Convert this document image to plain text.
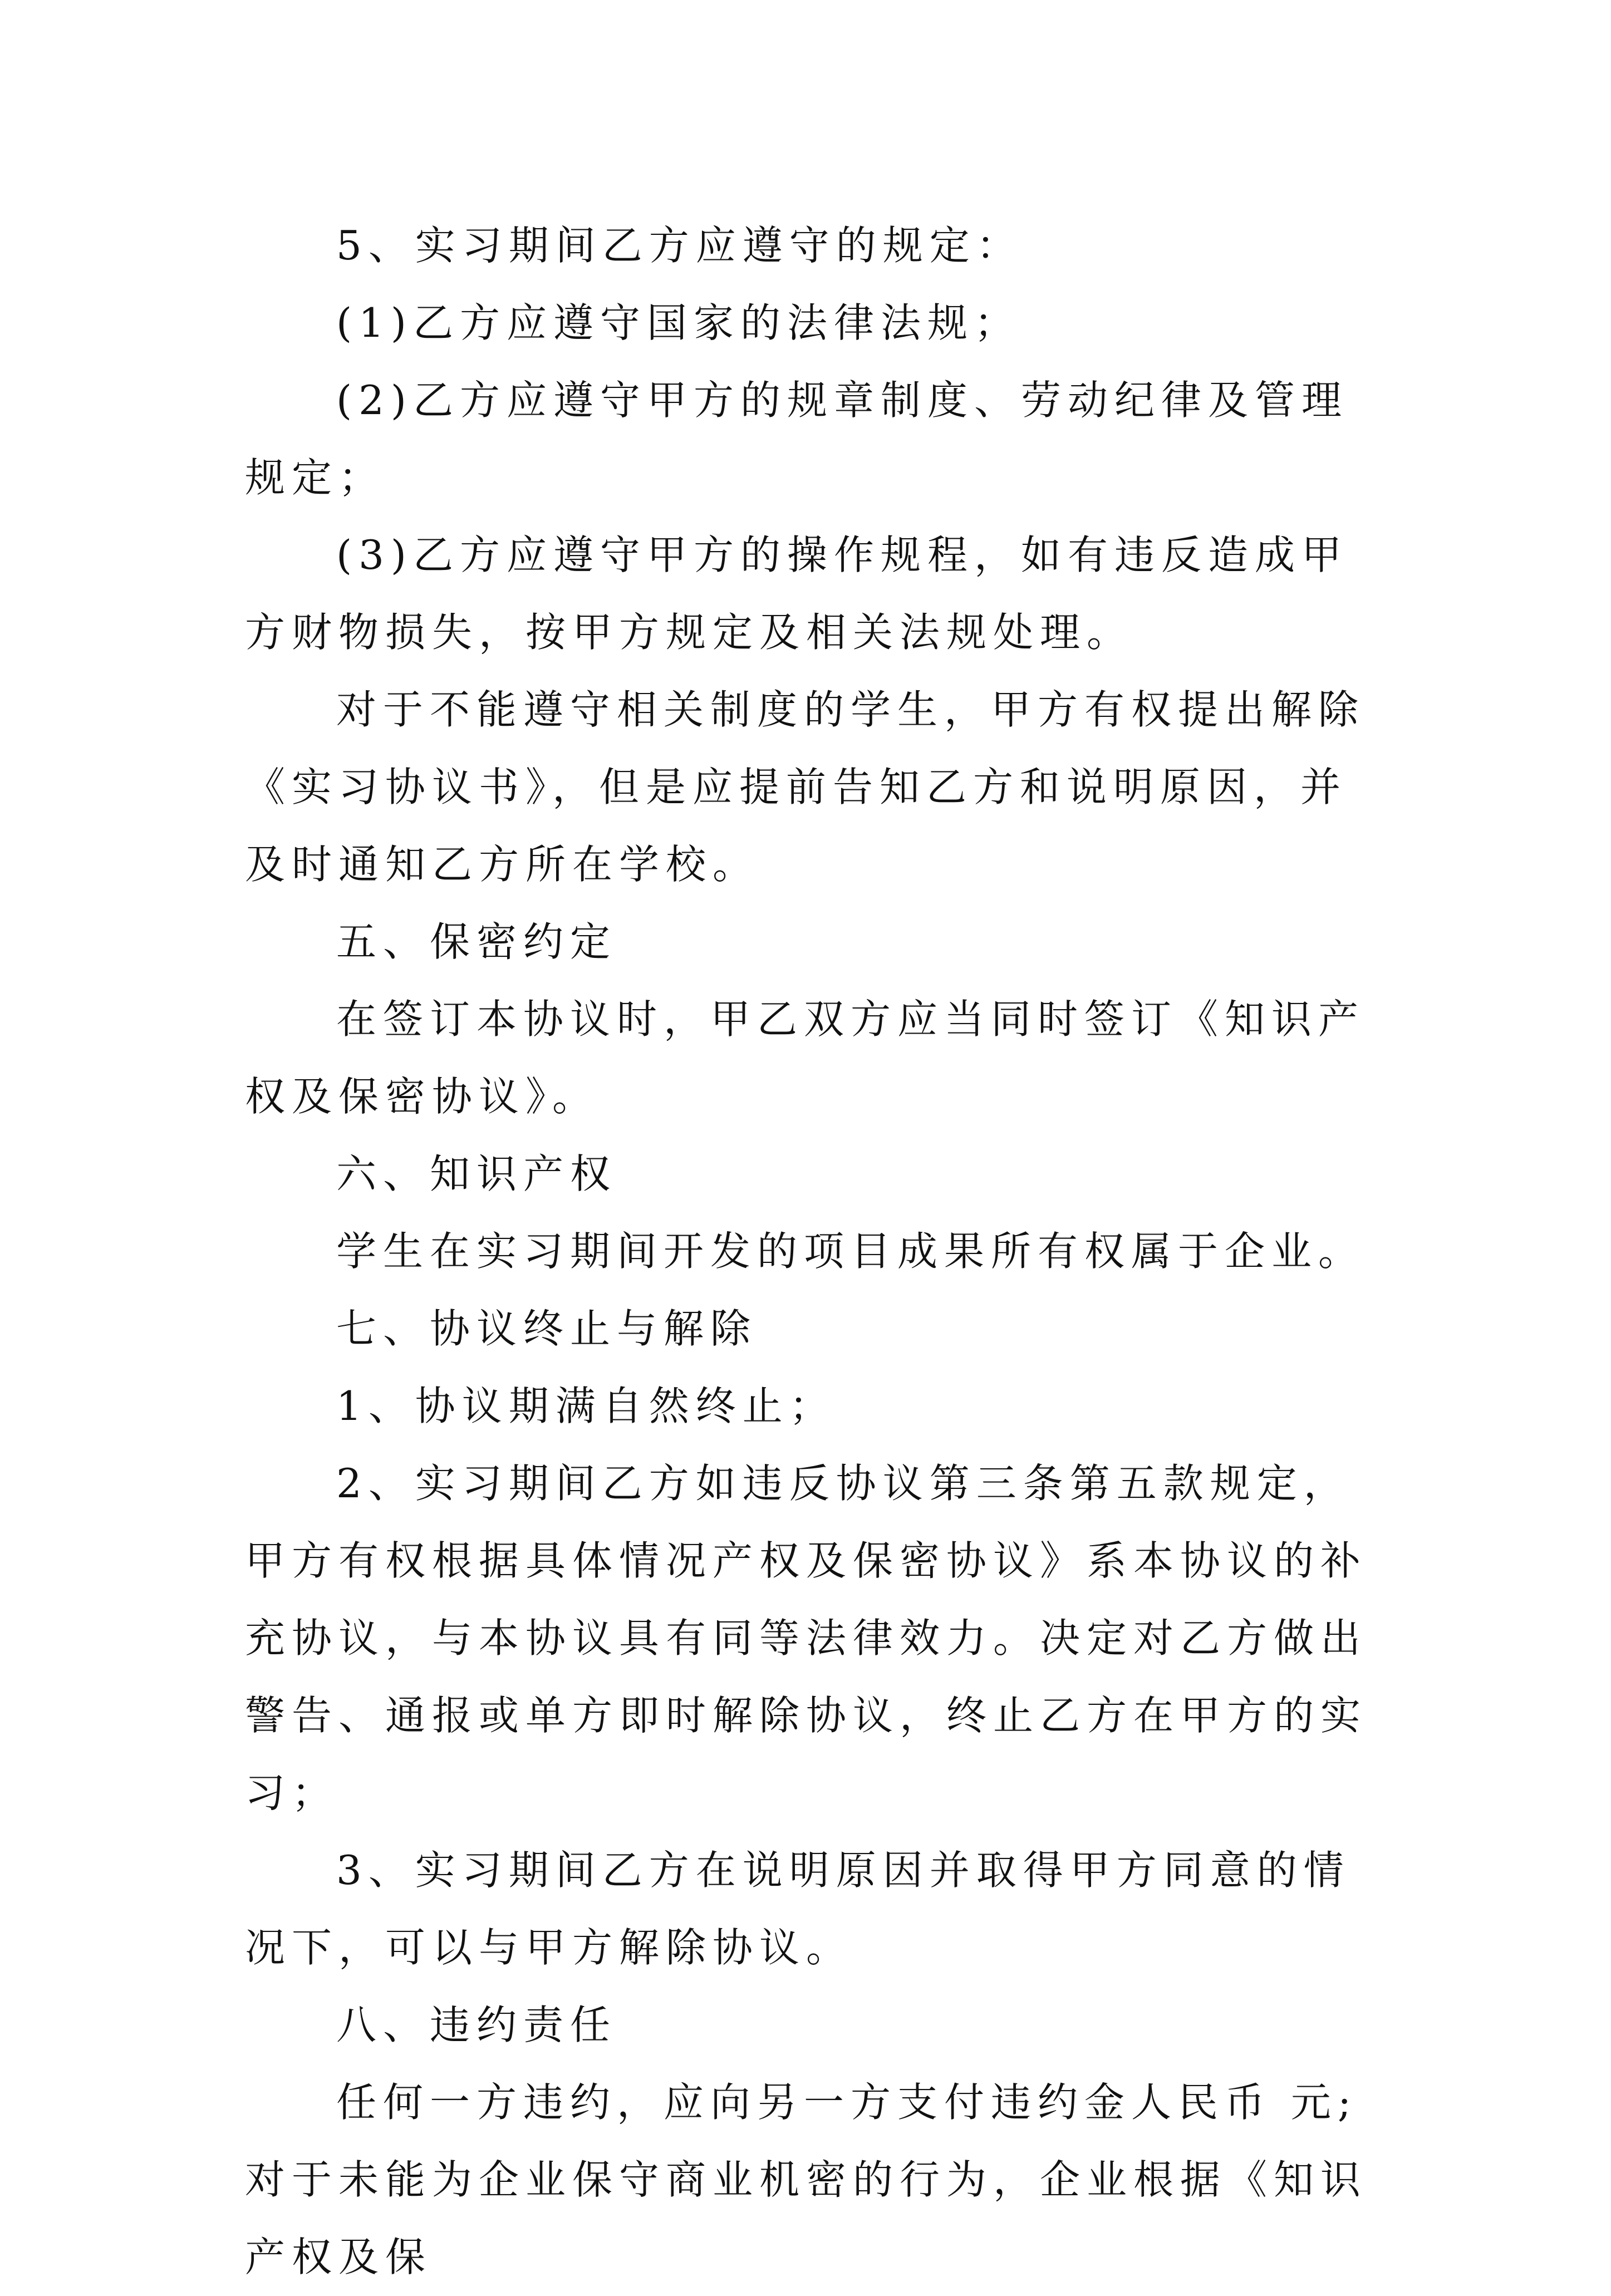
5、实习期间乙方应遵守的规定：

(1)乙方应遵守国家的法律法规；

(2)乙方应遵守甲方的规章制度、劳动纪律及管理规定；

(3)乙方应遵守甲方的操作规程，如有违反造成甲方财物损失，按甲方规定及相关法规处理。

对于不能遵守相关制度的学生，甲方有权提出解除《实习协议书》，但是应提前告知乙方和说明原因，并及时通知乙方所在学校。

五、保密约定

在签订本协议时，甲乙双方应当同时签订《知识产权及保密协议》。

六、知识产权

学生在实习期间开发的项目成果所有权属于企业。

七、协议终止与解除

1、协议期满自然终止；

2、实习期间乙方如违反协议第三条第五款规定，甲方有权根据具体情况产权及保密协议》系本协议的补充协议，与本协议具有同等法律效力。决定对乙方做出警告、通报或单方即时解除协议，终止乙方在甲方的实习；

3、实习期间乙方在说明原因并取得甲方同意的情况下，可以与甲方解除协议。

八、违约责任

任何一方违约，应向另一方支付违约金人民币 元;对于未能为企业保守商业机密的行为，企业根据《知识产权及保
